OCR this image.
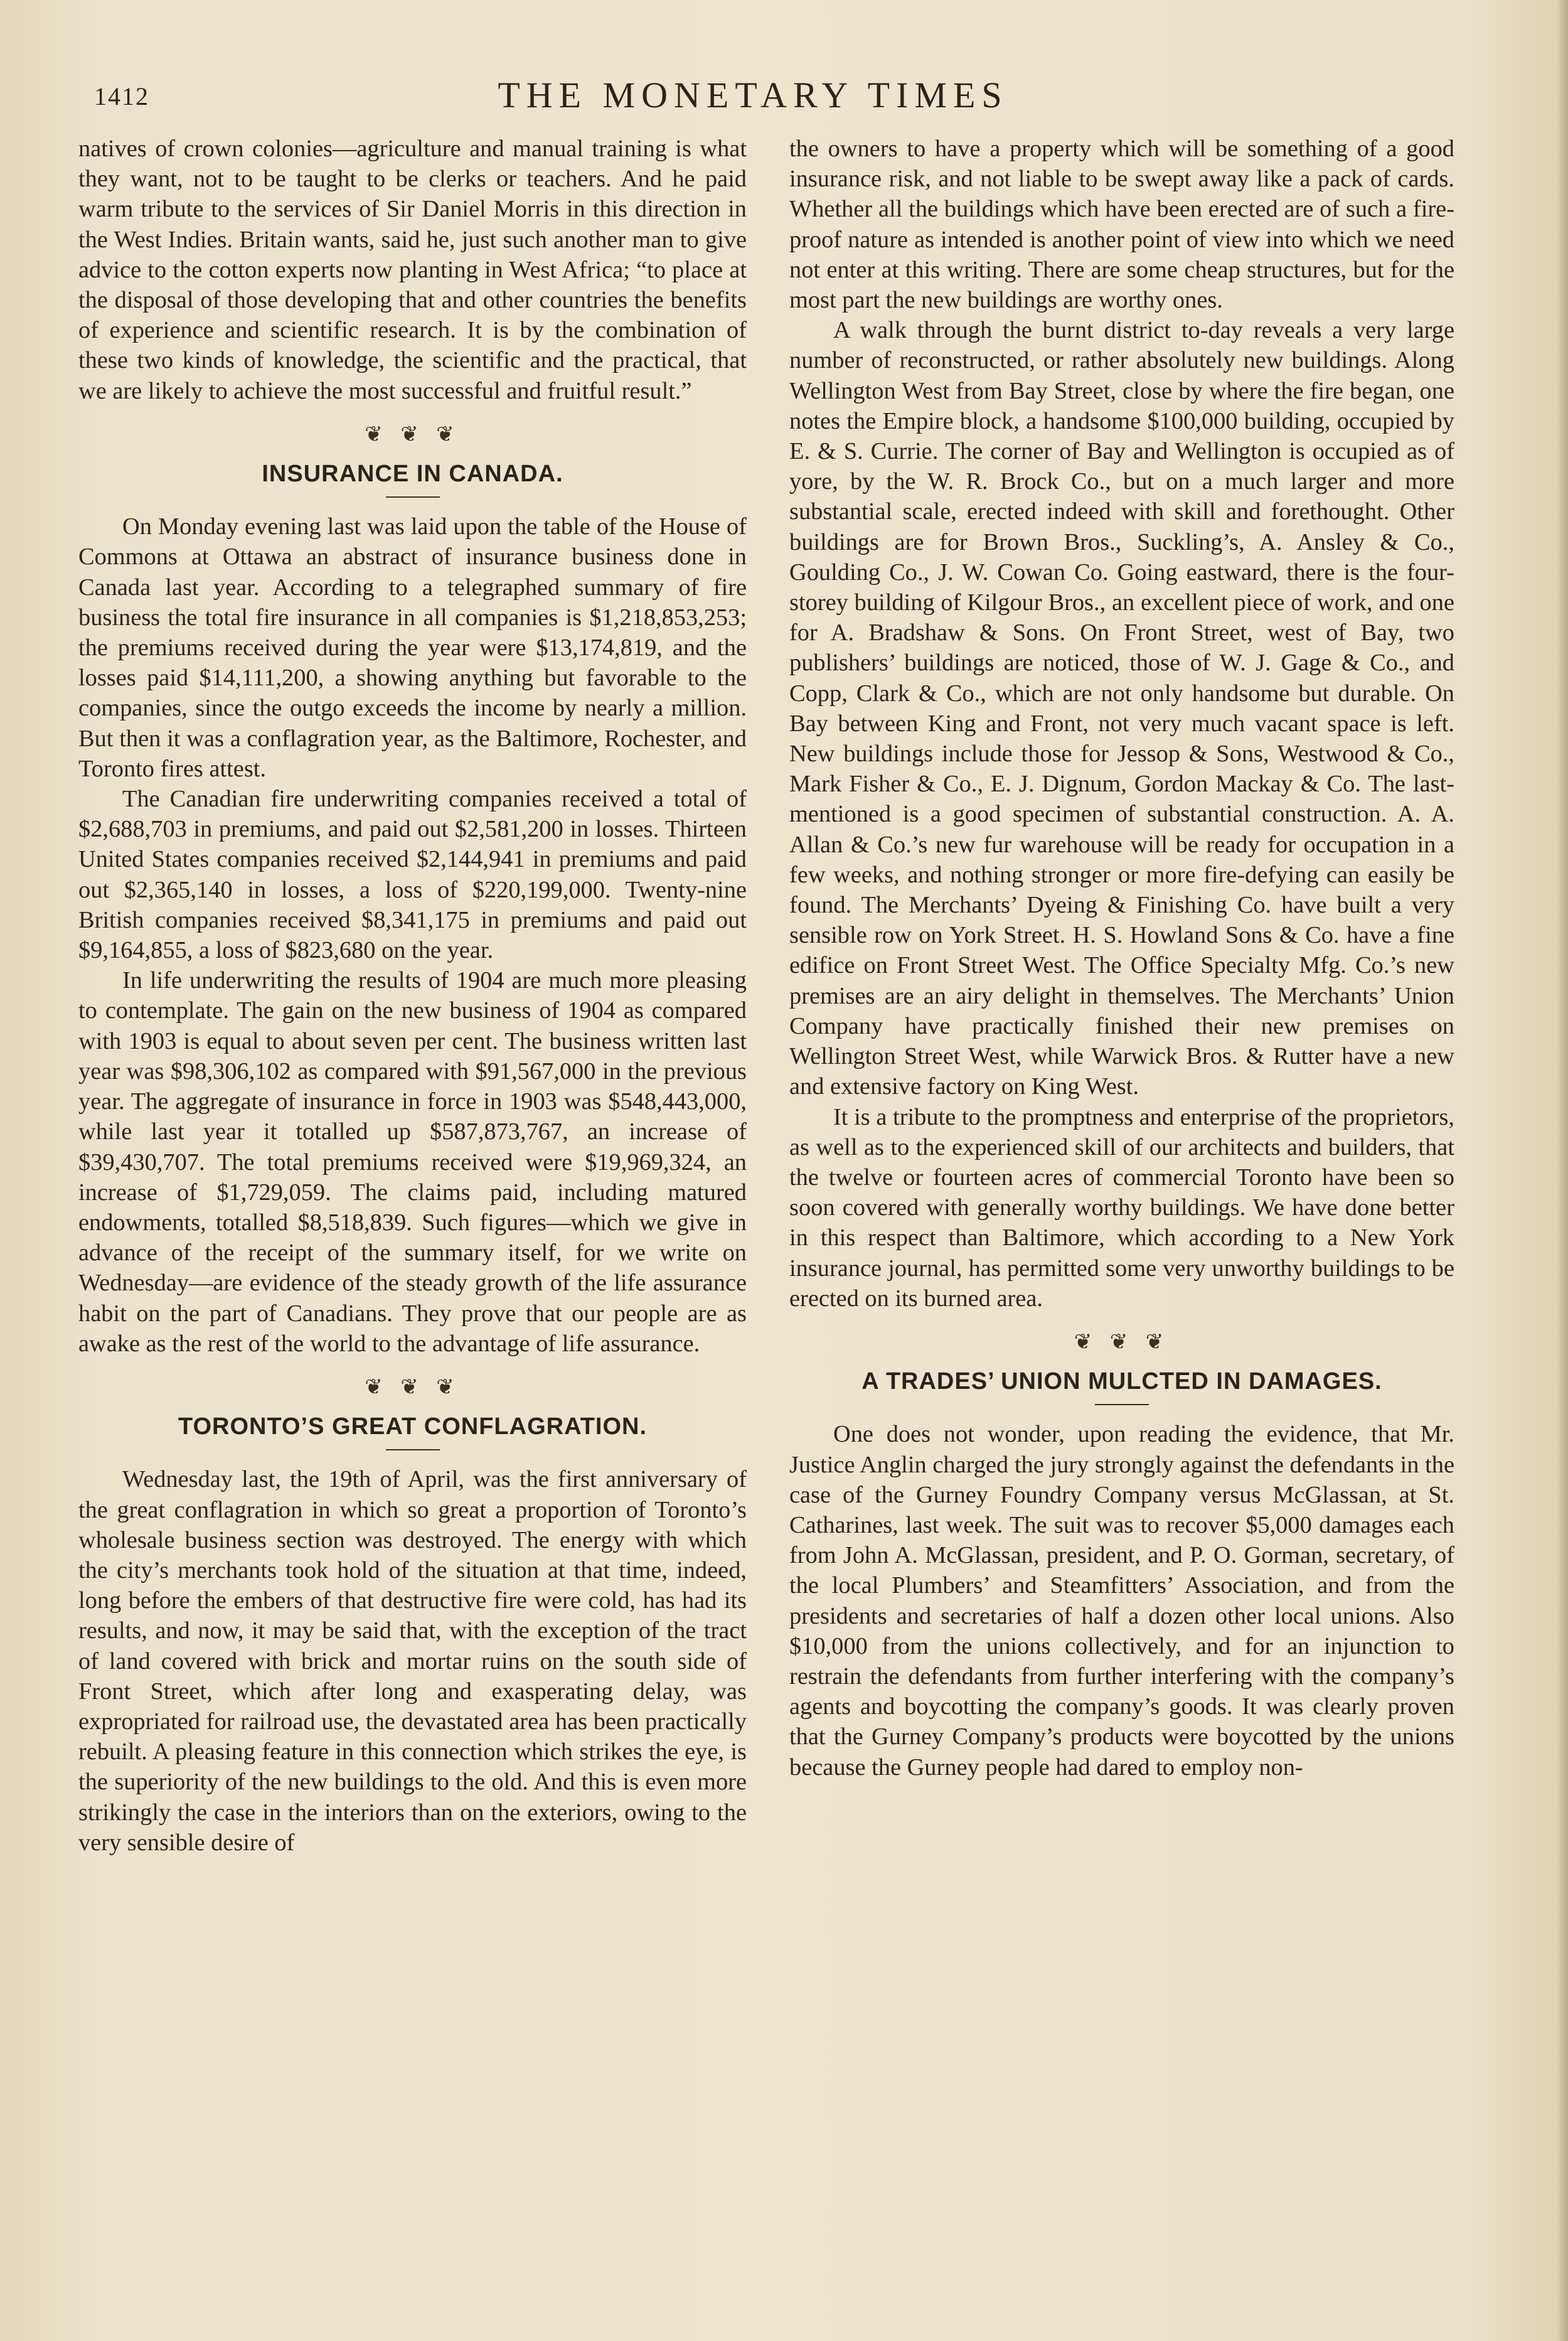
1412	THE MONETARY TIMES

natives of crown colonies—agriculture and manual training is what they want, not to be taught to be clerks or teachers. And he paid warm tribute to the services of Sir Daniel Morris in this direction in the West Indies. Britain wants, said he, just such another man to give advice to the cotton experts now planting in West Africa; “to place at the disposal of those developing that and other countries the benefits of experience and scientific research. It is by the combination of these two kinds of knowledge, the scientific and the practical, that we are likely to achieve the most successful and fruitful result.”

❦ ❦ ❦
INSURANCE IN CANADA.

On Monday evening last was laid upon the table of the House of Commons at Ottawa an abstract of insurance business done in Canada last year. According to a telegraphed summary of fire business the total fire insurance in all companies is $1,218,853,253; the premiums received during the year were $13,174,819, and the losses paid $14,111,200, a showing anything but favorable to the companies, since the outgo exceeds the income by nearly a million. But then it was a conflagration year, as the Baltimore, Rochester, and Toronto fires attest.

The Canadian fire underwriting companies received a total of $2,688,703 in premiums, and paid out $2,581,200 in losses. Thirteen United States companies received $2,144,941 in premiums and paid out $2,365,140 in losses, a loss of $220,199,000. Twenty-nine British companies received $8,341,175 in premiums and paid out $9,164,855, a loss of $823,680 on the year.

In life underwriting the results of 1904 are much more pleasing to contemplate. The gain on the new business of 1904 as compared with 1903 is equal to about seven per cent. The business written last year was $98,306,102 as compared with $91,567,000 in the previous year. The aggregate of insurance in force in 1903 was $548,443,000, while last year it totalled up $587,873,767, an increase of $39,430,707. The total premiums received were $19,969,324, an increase of $1,729,059. The claims paid, including matured endowments, totalled $8,518,839. Such figures—which we give in advance of the receipt of the summary itself, for we write on Wednesday—are evidence of the steady growth of the life assurance habit on the part of Canadians. They prove that our people are as awake as the rest of the world to the advantage of life assurance.

❦ ❦ ❦
TORONTO’S GREAT CONFLAGRATION.

Wednesday last, the 19th of April, was the first anniversary of the great conflagration in which so great a proportion of Toronto’s wholesale business section was destroyed. The energy with which the city’s merchants took hold of the situation at that time, indeed, long before the embers of that destructive fire were cold, has had its results, and now, it may be said that, with the exception of the tract of land covered with brick and mortar ruins on the south side of Front Street, which after long and exasperating delay, was expropriated for railroad use, the devastated area has been practically rebuilt. A pleasing feature in this connection which strikes the eye, is the superiority of the new buildings to the old. And this is even more strikingly the case in the interiors than on the exteriors, owing to the very sensible desire of

the owners to have a property which will be something of a good insurance risk, and not liable to be swept away like a pack of cards. Whether all the buildings which have been erected are of such a fire-proof nature as intended is another point of view into which we need not enter at this writing. There are some cheap structures, but for the most part the new buildings are worthy ones.

A walk through the burnt district to-day reveals a very large number of reconstructed, or rather absolutely new buildings. Along Wellington West from Bay Street, close by where the fire began, one notes the Empire block, a handsome $100,000 building, occupied by E. & S. Currie. The corner of Bay and Wellington is occupied as of yore, by the W. R. Brock Co., but on a much larger and more substantial scale, erected indeed with skill and forethought. Other buildings are for Brown Bros., Suckling’s, A. Ansley & Co., Goulding Co., J. W. Cowan Co. Going eastward, there is the four-storey building of Kilgour Bros., an excellent piece of work, and one for A. Bradshaw & Sons. On Front Street, west of Bay, two publishers’ buildings are noticed, those of W. J. Gage & Co., and Copp, Clark & Co., which are not only handsome but durable. On Bay between King and Front, not very much vacant space is left. New buildings include those for Jessop & Sons, Westwood & Co., Mark Fisher & Co., E. J. Dignum, Gordon Mackay & Co. The last-mentioned is a good specimen of substantial construction. A. A. Allan & Co.’s new fur warehouse will be ready for occupation in a few weeks, and nothing stronger or more fire-defying can easily be found. The Merchants’ Dyeing & Finishing Co. have built a very sensible row on York Street. H. S. Howland Sons & Co. have a fine edifice on Front Street West. The Office Specialty Mfg. Co.’s new premises are an airy delight in themselves. The Merchants’ Union Company have practically finished their new premises on Wellington Street West, while Warwick Bros. & Rutter have a new and extensive factory on King West.

It is a tribute to the promptness and enterprise of the proprietors, as well as to the experienced skill of our architects and builders, that the twelve or fourteen acres of commercial Toronto have been so soon covered with generally worthy buildings. We have done better in this respect than Baltimore, which according to a New York insurance journal, has permitted some very unworthy buildings to be erected on its burned area.

❦ ❦ ❦
A TRADES’ UNION MULCTED IN DAMAGES.

One does not wonder, upon reading the evidence, that Mr. Justice Anglin charged the jury strongly against the defendants in the case of the Gurney Foundry Company versus McGlassan, at St. Catharines, last week. The suit was to recover $5,000 damages each from John A. McGlassan, president, and P. O. Gorman, secretary, of the local Plumbers’ and Steamfitters’ Association, and from the presidents and secretaries of half a dozen other local unions. Also $10,000 from the unions collectively, and for an injunction to restrain the defendants from further interfering with the company’s agents and boycotting the company’s goods. It was clearly proven that the Gurney Company’s products were boycotted by the unions because the Gurney people had dared to employ non-
